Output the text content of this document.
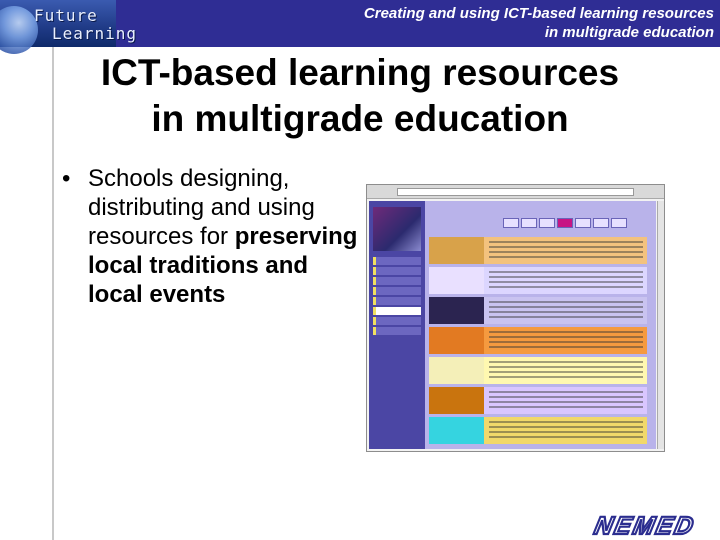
Future
Learning
Creating and using ICT-based learning resources
in multigrade education
ICT-based learning resources
in multigrade education
• Schools designing, distributing and using resources for preserving local traditions and local events
NEMED
